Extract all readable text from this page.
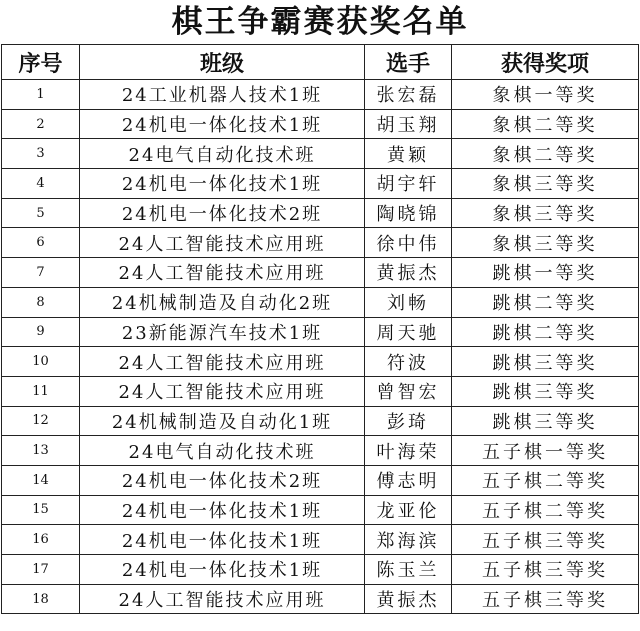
棋王争霸赛获奖名单
序号	班级	选手	获得奖项
1	24工业机器人技术1班	张宏磊	象棋一等奖
2	24机电一体化技术1班	胡玉翔	象棋二等奖
3	24电气自动化技术班	黄颖	象棋二等奖
4	24机电一体化技术1班	胡宇轩	象棋三等奖
5	24机电一体化技术2班	陶晓锦	象棋三等奖
6	24人工智能技术应用班	徐中伟	象棋三等奖
7	24人工智能技术应用班	黄振杰	跳棋一等奖
8	24机械制造及自动化2班	刘畅	跳棋二等奖
9	23新能源汽车技术1班	周天驰	跳棋二等奖
10	24人工智能技术应用班	符波	跳棋三等奖
11	24人工智能技术应用班	曾智宏	跳棋三等奖
12	24机械制造及自动化1班	彭琦	跳棋三等奖
13	24电气自动化技术班	叶海荣	五子棋一等奖
14	24机电一体化技术2班	傅志明	五子棋二等奖
15	24机电一体化技术1班	龙亚伦	五子棋二等奖
16	24机电一体化技术1班	郑海滨	五子棋三等奖
17	24机电一体化技术1班	陈玉兰	五子棋三等奖
18	24人工智能技术应用班	黄振杰	五子棋三等奖
